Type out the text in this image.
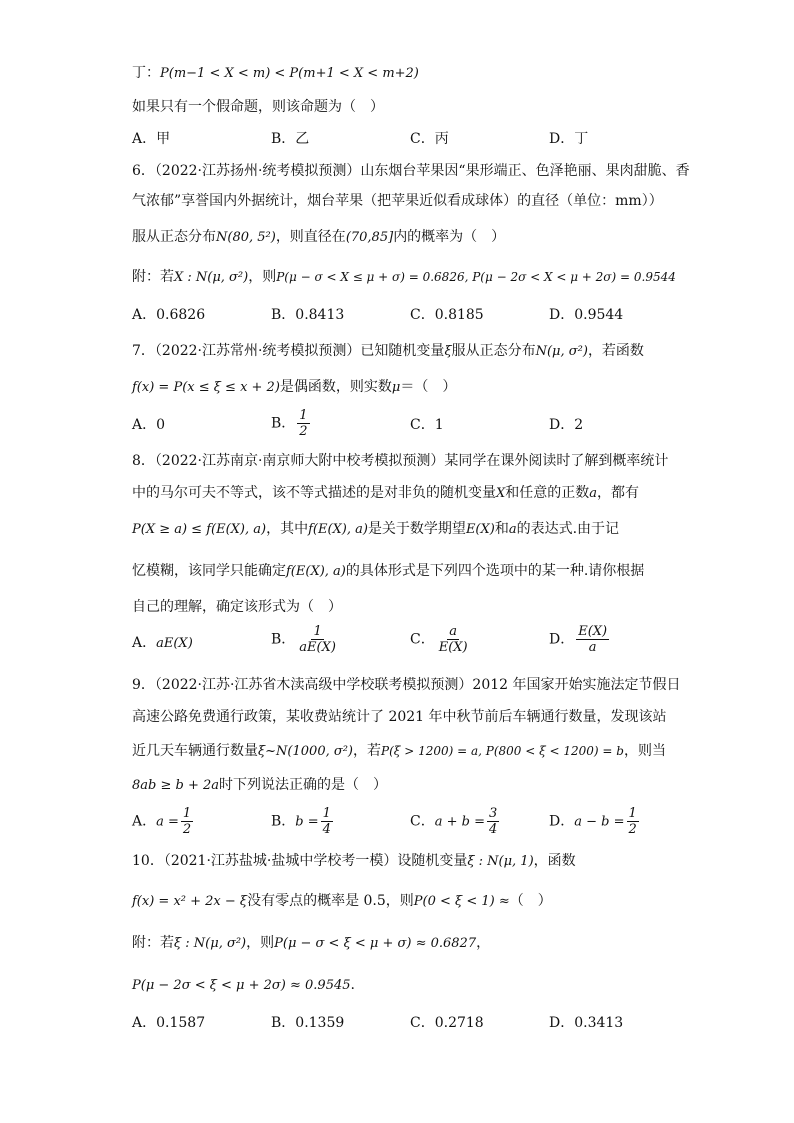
丁：P(m−1 < X < m) < P(m+1 < X < m+2)
如果只有一个假命题，则该命题为（　）
A．甲	B．乙	C．丙	D．丁
6．（2022·江苏扬州·统考模拟预测）山东烟台苹果因“果形端正、色泽艳丽、果肉甜脆、香
气浓郁”享誉国内外据统计，烟台苹果（把苹果近似看成球体）的直径（单位：mm））
服从正态分布N(80, 5²)，则直径在(70,85]内的概率为（　）
附：若X : N(μ, σ²)，则P(μ − σ < X ≤ μ + σ) = 0.6826, P(μ − 2σ < X < μ + 2σ) = 0.9544
A．0.6826	B．0.8413	C．0.8185	D．0.9544
7．（2022·江苏常州·统考模拟预测）已知随机变量ξ服从正态分布N(μ, σ²)，若函数
f(x) = P(x ≤ ξ ≤ x + 2)是偶函数，则实数μ＝（　）
A．0	B． $\frac{1}{2}$	C．1	D．2
8．（2022·江苏南京·南京师大附中校考模拟预测）某同学在课外阅读时了解到概率统计
中的马尔可夫不等式，该不等式描述的是对非负的随机变量X和任意的正数a，都有
P(X ≥ a) ≤ f(E(X), a)，其中f(E(X), a)是关于数学期望E(X)和a的表达式.由于记
忆模糊，该同学只能确定f(E(X), a)的具体形式是下列四个选项中的某一种.请你根据
自己的理解，确定该形式为（　）
A．aE(X)	B． $\frac{1}{aE(X)}$	C． $\frac{a}{E(X)}$	D． $\frac{E(X)}{a}$
9．（2022·江苏·江苏省木渎高级中学校联考模拟预测）2012 年国家开始实施法定节假日
高速公路免费通行政策，某收费站统计了 2021 年中秋节前后车辆通行数量，发现该站
近几天车辆通行数量ξ~N(1000, σ²)，若P(ξ > 1200) = a, P(800 < ξ < 1200) = b，则当
8ab ≥ b + 2a时下列说法正确的是（　）
A．$a = \frac{1}{2}$	B．$b = \frac{1}{4}$	C．$a + b = \frac{3}{4}$	D．$a - b = \frac{1}{2}$
10．（2021·江苏盐城·盐城中学校考一模）设随机变量ξ : N(μ, 1)，函数
f(x) = x² + 2x − ξ没有零点的概率是 0.5，则P(0 < ξ < 1) ≈（　）
附：若ξ : N(μ, σ²)，则P(μ − σ < ξ < μ + σ) ≈ 0.6827，
P(μ − 2σ < ξ < μ + 2σ) ≈ 0.9545.
A．0.1587	B．0.1359	C．0.2718	D．0.3413
